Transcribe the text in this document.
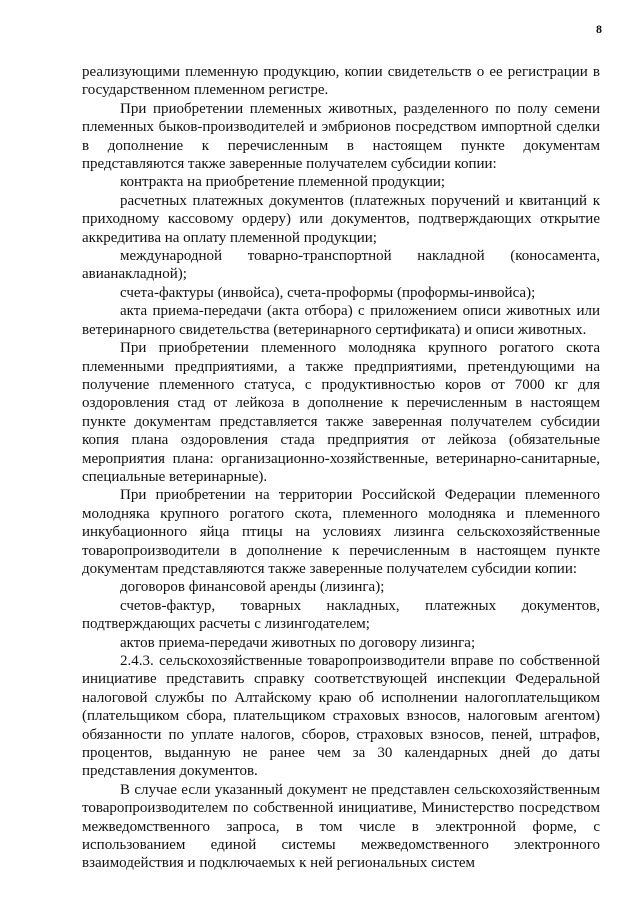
8

реализующими племенную продукцию, копии свидетельств о ее регистрации в государственном племенном регистре.

При приобретении племенных животных, разделенного по полу семени племенных быков-производителей и эмбрионов посредством импортной сделки в дополнение к перечисленным в настоящем пункте документам представляются также заверенные получателем субсидии копии:

контракта на приобретение племенной продукции;

расчетных платежных документов (платежных поручений и квитанций к приходному кассовому ордеру) или документов, подтверждающих открытие аккредитива на оплату племенной продукции;

международной товарно-транспортной накладной (коносамента, авианакладной);

счета-фактуры (инвойса), счета-проформы (проформы-инвойса);

акта приема-передачи (акта отбора) с приложением описи животных или ветеринарного свидетельства (ветеринарного сертификата) и описи животных.

При приобретении племенного молодняка крупного рогатого скота племенными предприятиями, а также предприятиями, претендующими на получение племенного статуса, с продуктивностью коров от 7000 кг для оздоровления стад от лейкоза в дополнение к перечисленным в настоящем пункте документам представляется также заверенная получателем субсидии копия плана оздоровления стада предприятия от лейкоза (обязательные мероприятия плана: организационно-хозяйственные, ветеринарно-санитарные, специальные ветеринарные).

При приобретении на территории Российской Федерации племенного молодняка крупного рогатого скота, племенного молодняка и племенного инкубационного яйца птицы на условиях лизинга сельскохозяйственные товаропроизводители в дополнение к перечисленным в настоящем пункте документам представляются также заверенные получателем субсидии копии:

договоров финансовой аренды (лизинга);

счетов-фактур, товарных накладных, платежных документов, подтверждающих расчеты с лизингодателем;

актов приема-передачи животных по договору лизинга;

2.4.3. сельскохозяйственные товаропроизводители вправе по собственной инициативе представить справку соответствующей инспекции Федеральной налоговой службы по Алтайскому краю об исполнении налогоплательщиком (плательщиком сбора, плательщиком страховых взносов, налоговым агентом) обязанности по уплате налогов, сборов, страховых взносов, пеней, штрафов, процентов, выданную не ранее чем за 30 календарных дней до даты представления документов.

В случае если указанный документ не представлен сельскохозяйственным товаропроизводителем по собственной инициативе, Министерство посредством межведомственного запроса, в том числе в электронной форме, с использованием единой системы межведомственного электронного взаимодействия и подключаемых к ней региональных систем
